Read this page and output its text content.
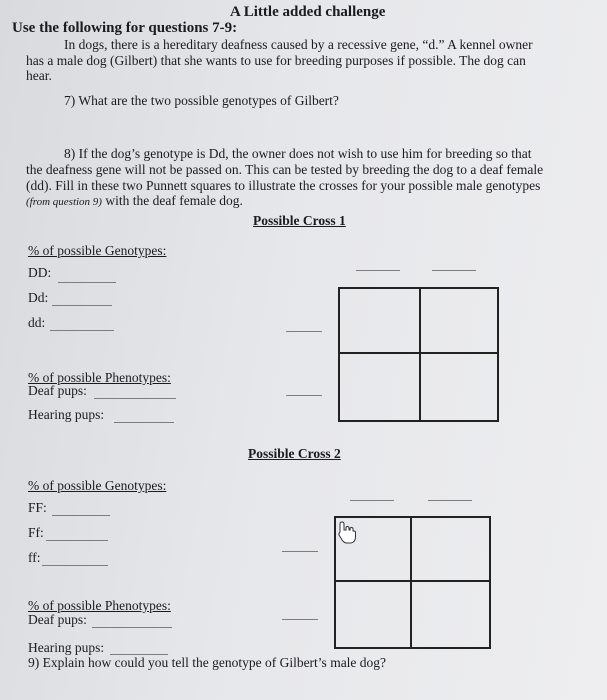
A Little added challenge
Use the following for questions 7-9:
In dogs, there is a hereditary deafness caused by a recessive gene, “d.” A kennel owner
has a male dog (Gilbert) that she wants to use for breeding purposes if possible. The dog can
hear.
7) What are the two possible genotypes of Gilbert?
8) If the dog’s genotype is Dd, the owner does not wish to use him for breeding so that
the deafness gene will not be passed on. This can be tested by breeding the dog to a deaf female
(dd). Fill in these two Punnett squares to illustrate the crosses for your possible male genotypes
(from question 9) with the deaf female dog.
Possible Cross 1
% of possible Genotypes:
DD:
Dd:
dd:
% of possible Phenotypes:
Deaf pups:
Hearing pups:
Possible Cross 2
% of possible Genotypes:
FF:
Ff:
ff:
% of possible Phenotypes:
Deaf pups:
Hearing pups:
9) Explain how could you tell the genotype of Gilbert’s male dog?
